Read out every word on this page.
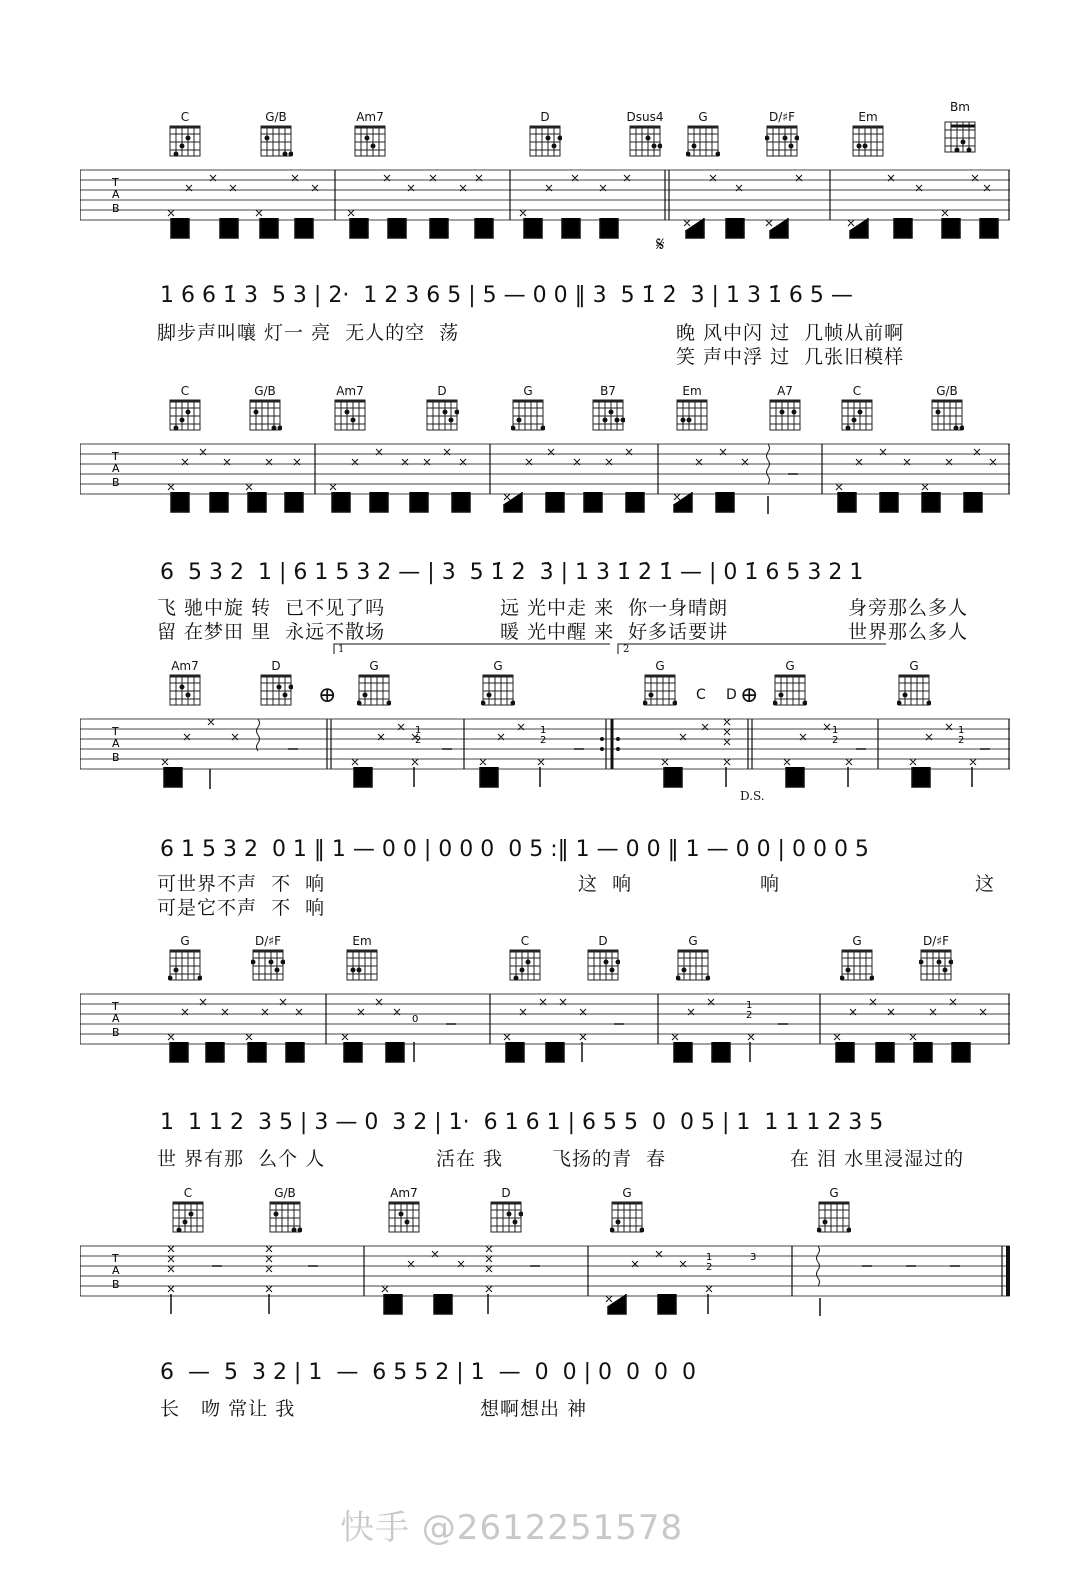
C	G/B	Am7	D	Dsus4	G	D/♯F	Em
Bm
T
A
B
𝄋
1 6 6 1̇ 3  5 3 | 2·  1 2 3 6 5 | 5 — 0 0 ‖ 3  5 1̇ 2̇  3̇ | 1 3 1̇ 6 5 —
脚步声叫嚷 灯一 亮  无人的空  荡	晚 风中闪 过  几帧从前啊
笑 声中浮 过  几张旧模样
C	G/B	Am7	D	G	B7	Em	A7	C	G/B
T
A
B
6  5 3 2  1 | 6 1 5 3 2 — | 3  5 1̇ 2̇  3̇ | 1 3 1̇ 2̇ 1̇ — | 0 1̇ 6 5 3 2 1
飞 驰中旋 转  已不见了吗	远 光中走 来  你一身晴朗	身旁那么多人
留 在梦田 里  永远不散场	暖 光中醒 来  好多话要讲	世界那么多人
1	2
Am7	D	G	G	G
C D
G	G
⊕	⊕
T
A
B
1
2
1
2
1
2
1
2
D.S.
6 1 5 3 2  0 1 ‖ 1 — 0 0 | 0 0 0  0 5 :‖ 1 — 0 0 ‖ 1 — 0 0 | 0 0 0 5
可世界不声  不  响	这  响	响	这
可是它不声  不  响
G	D/♯F	Em	C	D	G	G	D/♯F
T
A
B
0
1
2
1  1 1 2  3 5 | 3 — 0  3 2 | 1·  6 1 6 1 | 6 5 5  0  0 5 | 1  1 1 1 2 3 5
世 界有那  么个 人	活在 我	飞扬的青  春	在 泪 水里浸湿过的
C	G/B	Am7	D	G	G
T
A
B
1
2
3
6  —  5  3 2 | 1  —  6 5 5 2 | 1  —  0  0 | 0  0  0  0
长   吻 常让 我	想啊想出 神
快手 @2612251578
